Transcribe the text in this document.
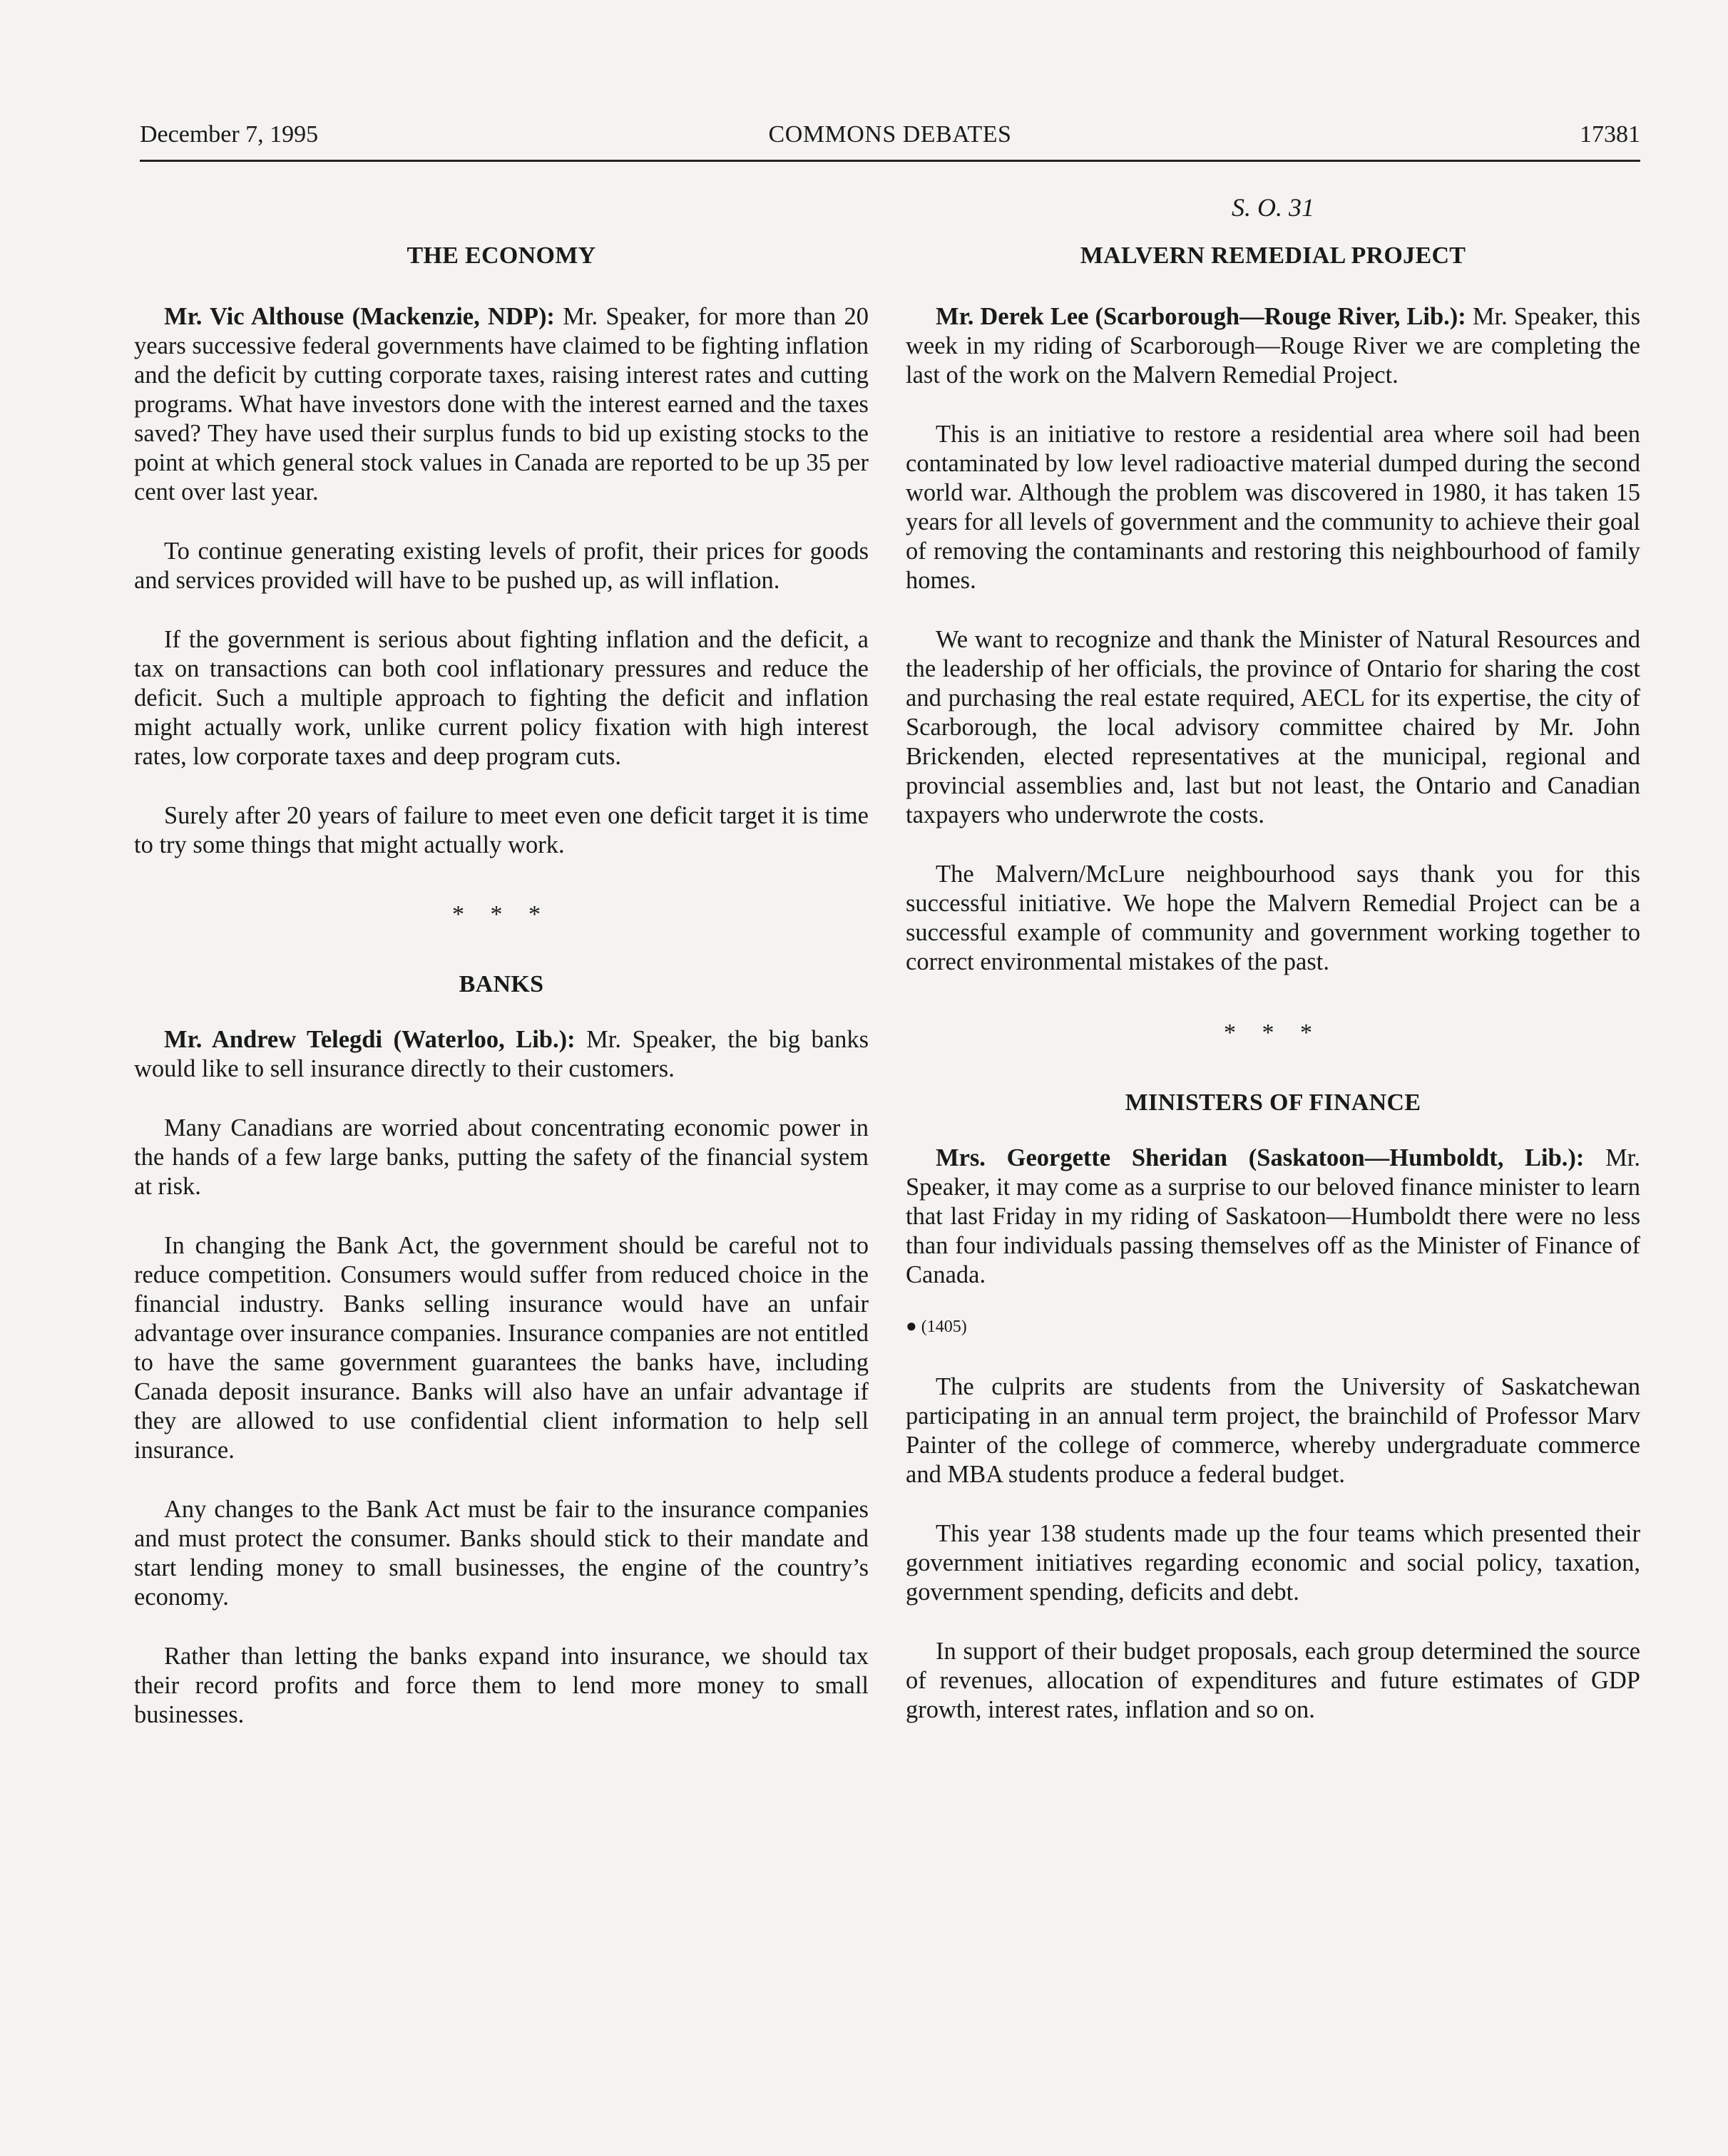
December 7, 1995	COMMONS DEBATES	17381
THE ECONOMY

Mr. Vic Althouse (Mackenzie, NDP): Mr. Speaker, for more than 20 years successive federal governments have claimed to be fighting inflation and the deficit by cutting corporate taxes, raising interest rates and cutting programs. What have investors done with the interest earned and the taxes saved? They have used their surplus funds to bid up existing stocks to the point at which general stock values in Canada are reported to be up 35 per cent over last year.

To continue generating existing levels of profit, their prices for goods and services provided will have to be pushed up, as will inflation.

If the government is serious about fighting inflation and the deficit, a tax on transactions can both cool inflationary pressures and reduce the deficit. Such a multiple approach to fighting the deficit and inflation might actually work, unlike current policy fixation with high interest rates, low corporate taxes and deep program cuts.

Surely after 20 years of failure to meet even one deficit target it is time to try some things that might actually work.

* * *

BANKS

Mr. Andrew Telegdi (Waterloo, Lib.): Mr. Speaker, the big banks would like to sell insurance directly to their customers.

Many Canadians are worried about concentrating economic power in the hands of a few large banks, putting the safety of the financial system at risk.

In changing the Bank Act, the government should be careful not to reduce competition. Consumers would suffer from reduced choice in the financial industry. Banks selling insurance would have an unfair advantage over insurance companies. Insurance companies are not entitled to have the same government guarantees the banks have, including Canada deposit insurance. Banks will also have an unfair advantage if they are allowed to use confidential client information to help sell insurance.

Any changes to the Bank Act must be fair to the insurance companies and must protect the consumer. Banks should stick to their mandate and start lending money to small businesses, the engine of the country’s economy.

Rather than letting the banks expand into insurance, we should tax their record profits and force them to lend more money to small businesses.

S. O. 31

MALVERN REMEDIAL PROJECT

Mr. Derek Lee (Scarborough—Rouge River, Lib.): Mr. Speaker, this week in my riding of Scarborough—Rouge River we are completing the last of the work on the Malvern Remedial Project.

This is an initiative to restore a residential area where soil had been contaminated by low level radioactive material dumped during the second world war. Although the problem was discovered in 1980, it has taken 15 years for all levels of government and the community to achieve their goal of removing the contaminants and restoring this neighbourhood of family homes.

We want to recognize and thank the Minister of Natural Resources and the leadership of her officials, the province of Ontario for sharing the cost and purchasing the real estate required, AECL for its expertise, the city of Scarborough, the local advisory committee chaired by Mr. John Brickenden, elected representatives at the municipal, regional and provincial assemblies and, last but not least, the Ontario and Canadian taxpayers who underwrote the costs.

The Malvern/McLure neighbourhood says thank you for this successful initiative. We hope the Malvern Remedial Project can be a successful example of community and government working together to correct environmental mistakes of the past.

* * *

MINISTERS OF FINANCE

Mrs. Georgette Sheridan (Saskatoon—Humboldt, Lib.): Mr. Speaker, it may come as a surprise to our beloved finance minister to learn that last Friday in my riding of Saskatoon—Humboldt there were no less than four individuals passing themselves off as the Minister of Finance of Canada.

● (1405)

The culprits are students from the University of Saskatchewan participating in an annual term project, the brainchild of Professor Marv Painter of the college of commerce, whereby undergraduate commerce and MBA students produce a federal budget.

This year 138 students made up the four teams which presented their government initiatives regarding economic and social policy, taxation, government spending, deficits and debt.

In support of their budget proposals, each group determined the source of revenues, allocation of expenditures and future estimates of GDP growth, interest rates, inflation and so on.
